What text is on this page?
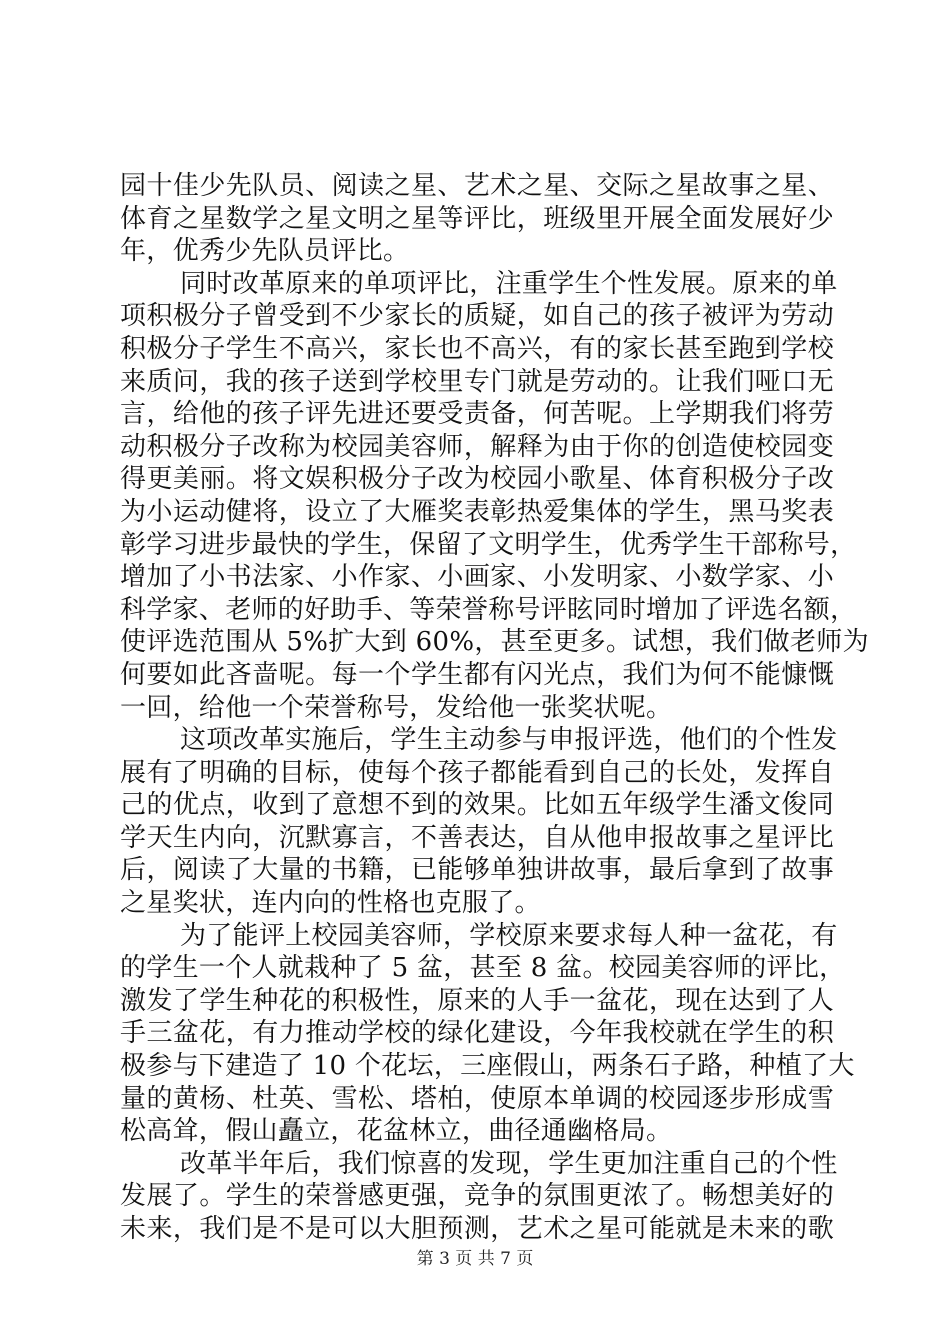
园十佳少先队员、阅读之星、艺术之星、交际之星故事之星、
体育之星数学之星文明之星等评比，班级里开展全面发展好少
年，优秀少先队员评比。
同时改革原来的单项评比，注重学生个性发展。原来的单
项积极分子曾受到不少家长的质疑，如自己的孩子被评为劳动
积极分子学生不高兴，家长也不高兴，有的家长甚至跑到学校
来质问，我的孩子送到学校里专门就是劳动的。让我们哑口无
言，给他的孩子评先进还要受责备，何苦呢。上学期我们将劳
动积极分子改称为校园美容师，解释为由于你的创造使校园变
得更美丽。将文娱积极分子改为校园小歌星、体育积极分子改
为小运动健将，设立了大雁奖表彰热爱集体的学生，黑马奖表
彰学习进步最快的学生，保留了文明学生，优秀学生干部称号，
增加了小书法家、小作家、小画家、小发明家、小数学家、小
科学家、老师的好助手、等荣誉称号评眩同时增加了评选名额，
使评选范围从 5%扩大到 60%，甚至更多。试想，我们做老师为
何要如此吝啬呢。每一个学生都有闪光点，我们为何不能慷慨
一回，给他一个荣誉称号，发给他一张奖状呢。
这项改革实施后，学生主动参与申报评选，他们的个性发
展有了明确的目标，使每个孩子都能看到自己的长处，发挥自
己的优点，收到了意想不到的效果。比如五年级学生潘文俊同
学天生内向，沉默寡言，不善表达，自从他申报故事之星评比
后，阅读了大量的书籍，已能够单独讲故事，最后拿到了故事
之星奖状，连内向的性格也克服了。
为了能评上校园美容师，学校原来要求每人种一盆花，有
的学生一个人就栽种了 5 盆，甚至 8 盆。校园美容师的评比，
激发了学生种花的积极性，原来的人手一盆花，现在达到了人
手三盆花，有力推动学校的绿化建设，今年我校就在学生的积
极参与下建造了 10 个花坛，三座假山，两条石子路，种植了大
量的黄杨、杜英、雪松、塔柏，使原本单调的校园逐步形成雪
松高耸，假山矗立，花盆林立，曲径通幽格局。
改革半年后，我们惊喜的发现，学生更加注重自己的个性
发展了。学生的荣誉感更强，竞争的氛围更浓了。畅想美好的
未来，我们是不是可以大胆预测，艺术之星可能就是未来的歌
第 3 页 共 7 页
